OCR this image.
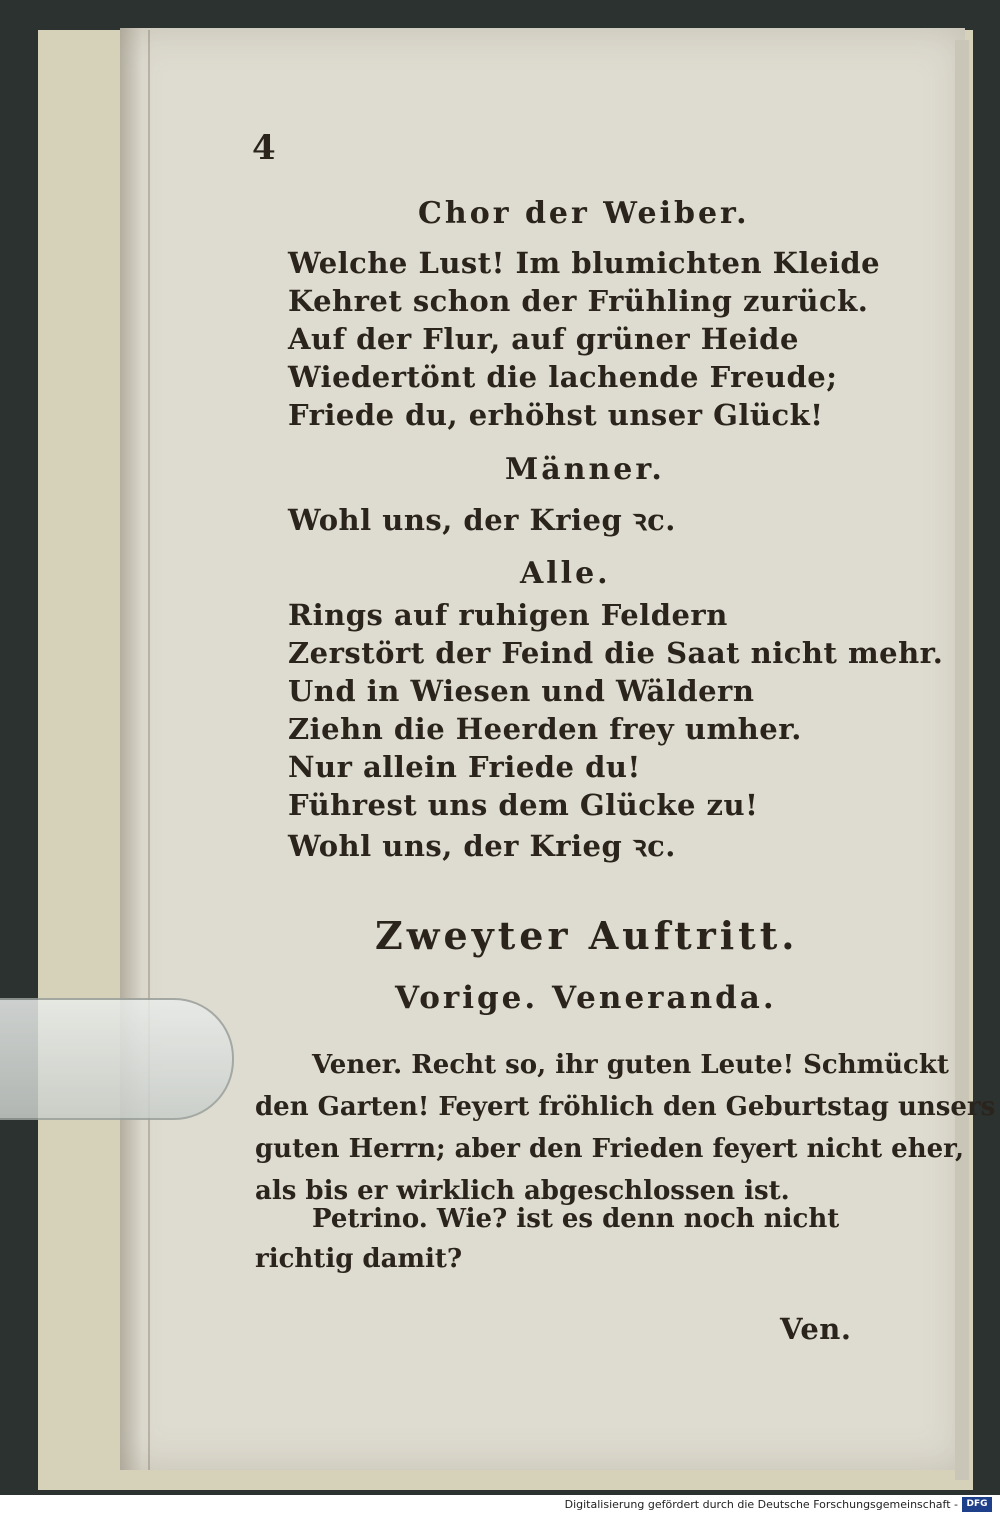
4
Chor der Weiber.
Welche Lust! Im blumichten Kleide
Kehret schon der Frühling zurück.
Auf der Flur, auf grüner Heide
Wiedertönt die lachende Freude;
Friede du, erhöhst unser Glück!
Männer.
Wohl uns, der Krieg ꝛc.
Alle.
Rings auf ruhigen Feldern
Zerstört der Feind die Saat nicht mehr.
Und in Wiesen und Wäldern
Ziehn die Heerden frey umher.
Nur allein Friede du!
Führest uns dem Glücke zu!
Wohl uns, der Krieg ꝛc.
Zweyter Auftritt.
Vorige. Veneranda.
Vener. Recht so, ihr guten Leute! Schmückt
den Garten! Feyert fröhlich den Geburtstag unsers
guten Herrn; aber den Frieden feyert nicht eher,
als bis er wirklich abgeschlossen ist.
Petrino. Wie? ist es denn noch nicht
richtig damit?
Ven.
Digitalisierung gefördert durch die Deutsche Forschungsgemeinschaft - DFG
